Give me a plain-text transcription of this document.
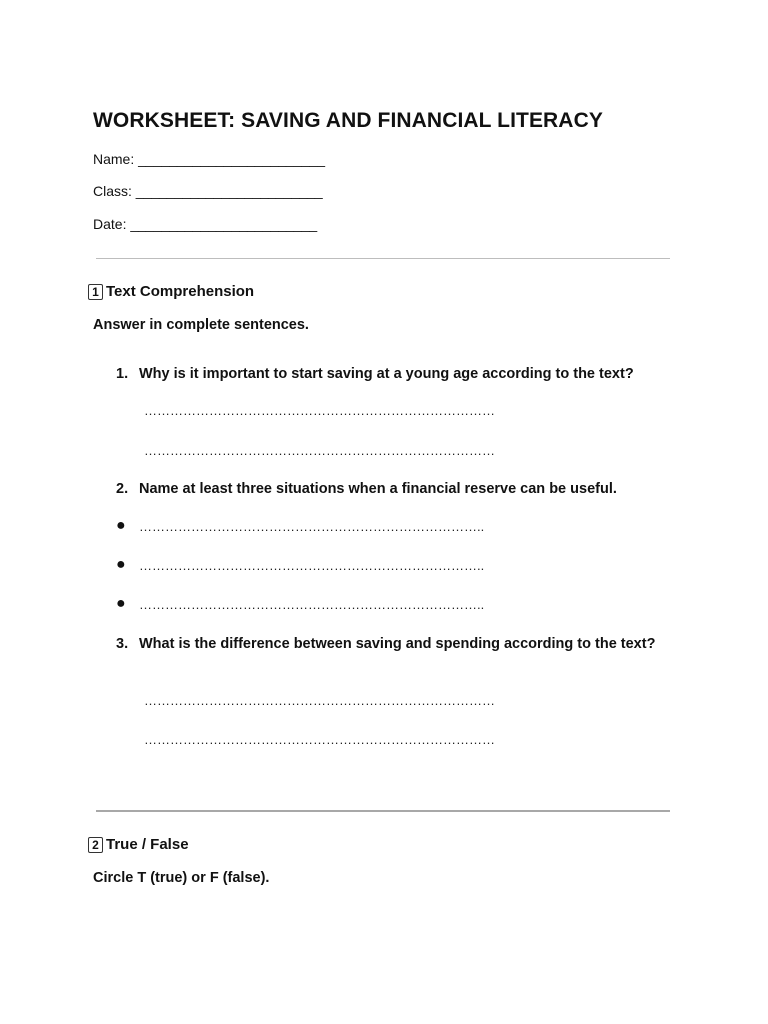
WORKSHEET: SAVING AND FINANCIAL LITERACY
Name: ________________________
Class: ________________________
Date: ________________________
1 Text Comprehension
Answer in complete sentences.
1. Why is it important to start saving at a young age according to the text?
………………………………………………………………………
………………………………………………………………………
2. Name at least three situations when a financial reserve can be useful.
● ……………………………………………………………………..
● ……………………………………………………………………..
● ……………………………………………………………………..
3. What is the difference between saving and spending according to the text?
………………………………………………………………………
………………………………………………………………………
2 True / False
Circle T (true) or F (false).
